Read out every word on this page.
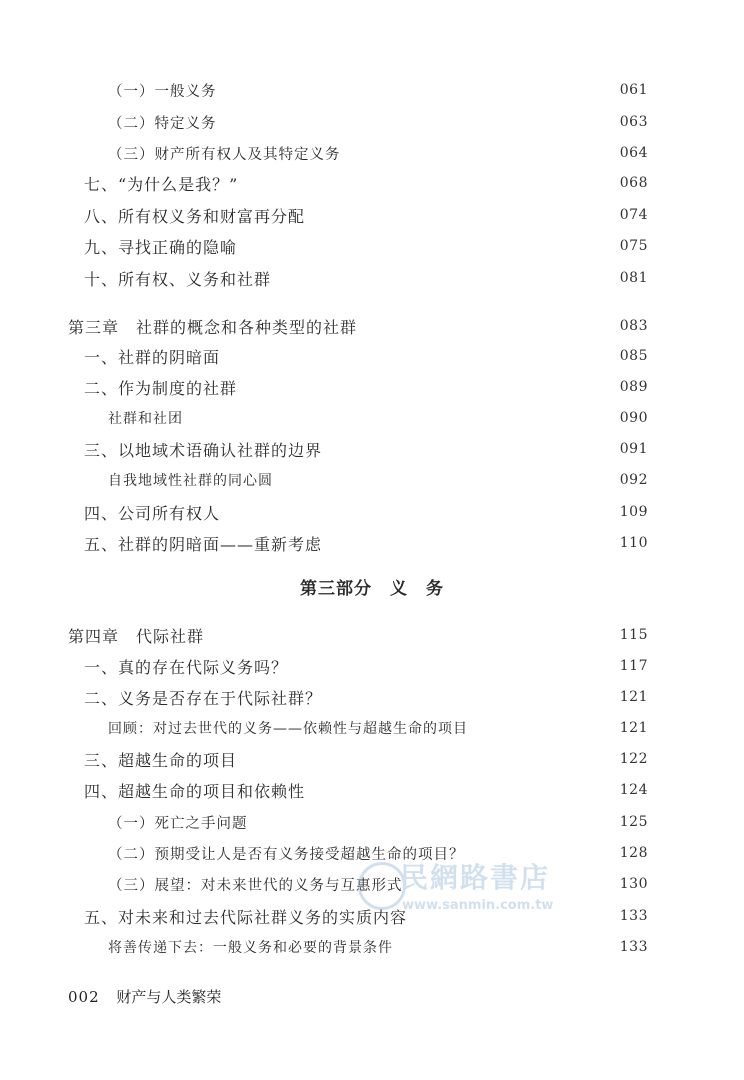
（一）一般义务	061
（二）特定义务	063
（三）财产所有权人及其特定义务	064
七、“为什么是我？”	068
八、所有权义务和财富再分配	074
九、寻找正确的隐喻	075
十、所有权、义务和社群	081
第三章　社群的概念和各种类型的社群	083
一、社群的阴暗面	085
二、作为制度的社群	089
社群和社团	090
三、以地域术语确认社群的边界	091
自我地域性社群的同心圆	092
四、公司所有权人	109
五、社群的阴暗面——重新考虑	110
第三部分　义　务
第四章　代际社群	115
一、真的存在代际义务吗？	117
二、义务是否存在于代际社群？	121
回顾：对过去世代的义务——依赖性与超越生命的项目	121
三、超越生命的项目	122
四、超越生命的项目和依赖性	124
（一）死亡之手问题	125
（二）预期受让人是否有义务接受超越生命的项目？	128
（三）展望：对未来世代的义务与互惠形式	130
五、对未来和过去代际社群义务的实质内容	133
将善传递下去：一般义务和必要的背景条件	133
民網路書店
www.sanmin.com.tw
002 财产与人类繁荣
